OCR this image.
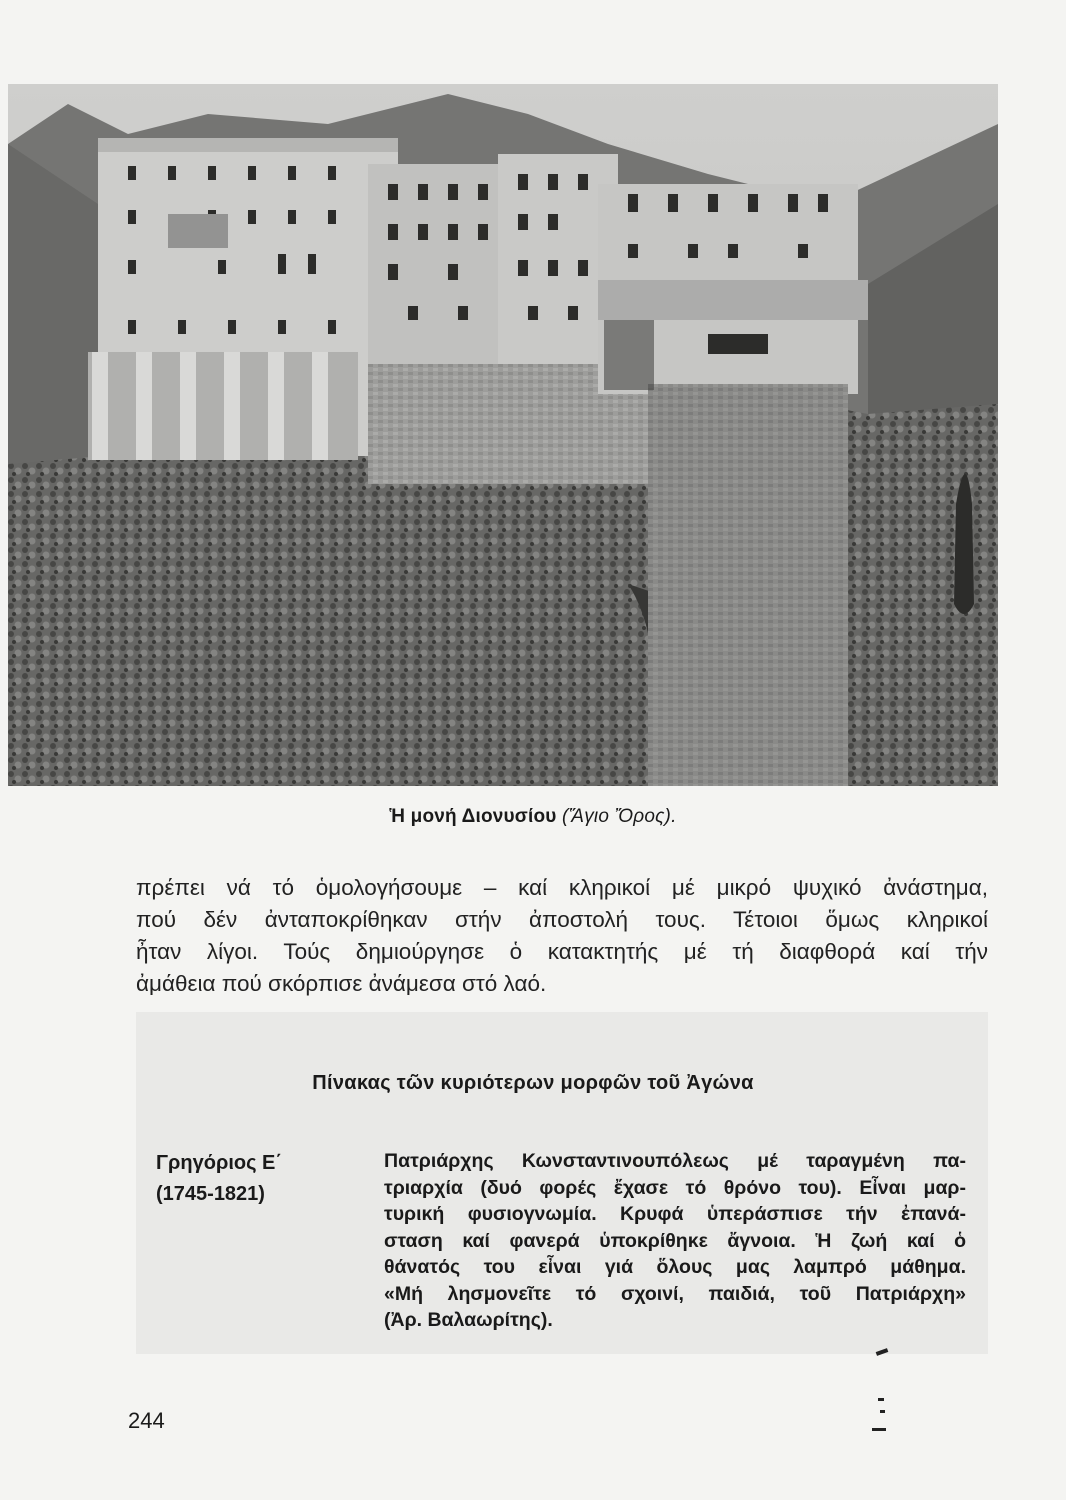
Ἡ μονή Διονυσίου (Ἅγιο Ὄρος).
πρέπει νά τό ὁμολογήσουμε – καί κληρικοί μέ μικρό ψυχικό ἀνάστημα,
πού δέν ἀνταποκρίθηκαν στήν ἀποστολή τους. Τέτοιοι ὅμως κληρικοί
ἦταν λίγοι. Τούς δημιούργησε ὁ κατακτητής μέ τή διαφθορά καί τήν
ἀμάθεια πού σκόρπισε ἀνάμεσα στό λαό.
Πίνακας τῶν κυριότερων μορφῶν τοῦ Ἀγώνα
Γρηγόριος Ε΄
(1745-1821)
Πατριάρχης Κωνσταντινουπόλεως μέ ταραγμένη πα-
τριαρχία (δυό φορές ἔχασε τό θρόνο του). Εἶναι μαρ-
τυρική φυσιογνωμία. Κρυφά ὑπεράσπισε τήν ἐπανά-
σταση καί φανερά ὑποκρίθηκε ἄγνοια. Ἡ ζωή καί ὁ
θάνατός του εἶναι γιά ὅλους μας λαμπρό μάθημα.
«Μή λησμονεῖτε τό σχοινί, παιδιά, τοῦ Πατριάρχη»
(Ἀρ. Βαλαωρίτης).
244
